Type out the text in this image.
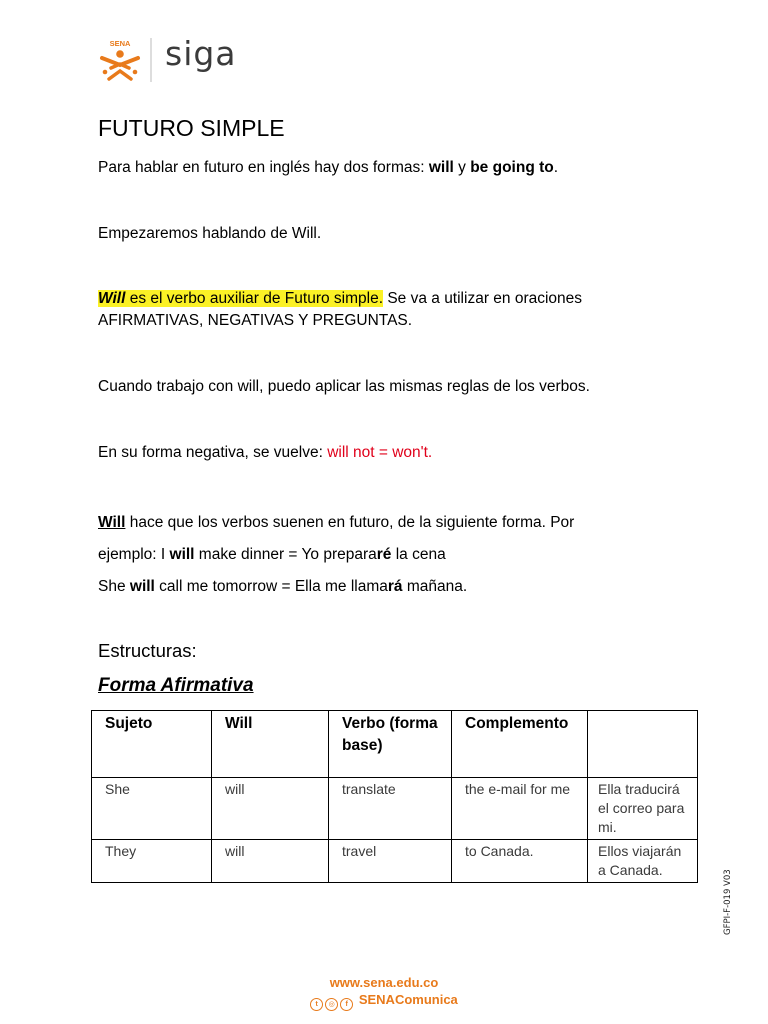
SENA siga
FUTURO SIMPLE
Para hablar en futuro en inglés hay dos formas: will y be going to.
Empezaremos hablando de Will.
Will es el verbo auxiliar de Futuro simple. Se va a utilizar en oraciones
AFIRMATIVAS, NEGATIVAS Y PREGUNTAS.
Cuando trabajo con will, puedo aplicar las mismas reglas de los verbos.
En su forma negativa, se vuelve: will not = won't.
Will hace que los verbos suenen en futuro, de la siguiente forma. Por
ejemplo: I will make dinner = Yo prepararé la cena
She will call me tomorrow = Ella me llamará mañana.
Estructuras:
Forma Afirmativa
Sujeto	Will	Verbo (forma base)	Complemento	
She	will	translate	the e-mail for me	Ella traducirá el correo para mi.
They	will	travel	to Canada.	Ellos viajarán a Canada.	GFPI-F-019 V03
www.sena.edu.co
t ◎ f SENAComunica
